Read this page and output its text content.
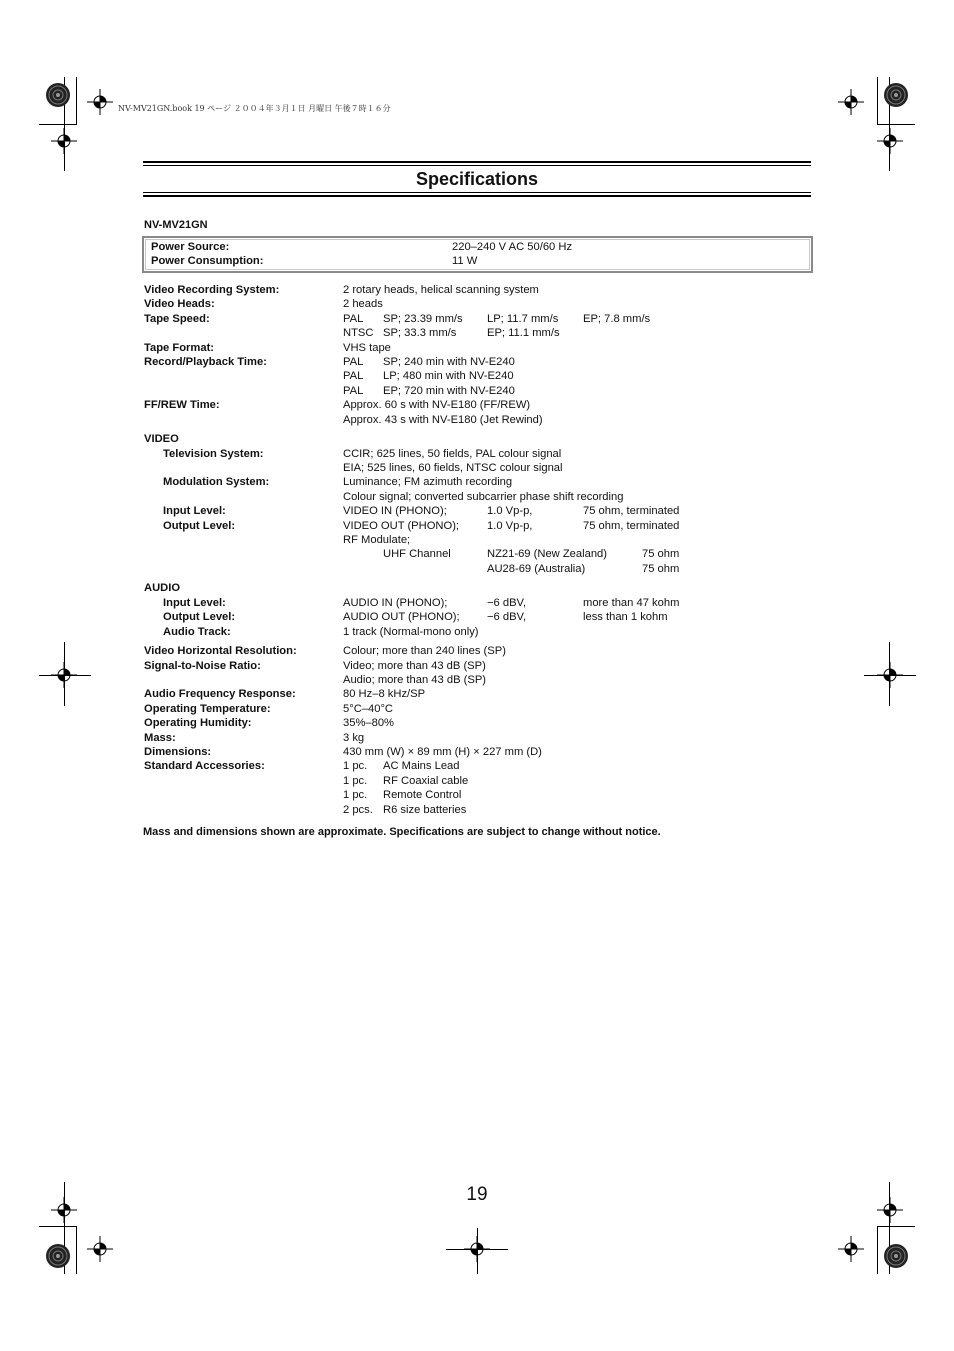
NV-MV21GN.book 19 ページ ２００４年３月１日 月曜日 午後７時１６分
Specifications
NV-MV21GN
Power Source:	220–240 V AC 50/60 Hz
Power Consumption:	11 W
Video Recording System:	2 rotary heads, helical scanning system
Video Heads:	2 heads
Tape Speed:	PAL SP; 23.39 mm/s LP; 11.7 mm/s EP; 7.8 mm/s
NTSC SP; 33.3 mm/s	EP; 11.1 mm/s
Tape Format:	VHS tape
Record/Playback Time:	PAL SP; 240 min with NV-E240
PAL LP; 480 min with NV-E240
PAL EP; 720 min with NV-E240
FF/REW Time:	Approx. 60 s with NV-E180 (FF/REW)
Approx. 43 s with NV-E180 (Jet Rewind)
VIDEO
Television System:	CCIR; 625 lines, 50 fields, PAL colour signal
EIA; 525 lines, 60 fields, NTSC colour signal
Modulation System:	Luminance; FM azimuth recording
Colour signal; converted subcarrier phase shift recording
Input Level:	VIDEO IN (PHONO);	1.0 Vp-p,	75 ohm, terminated
Output Level:	VIDEO OUT (PHONO); 1.0 Vp-p,	75 ohm, terminated
RF Modulate;
UHF Channel	NZ21-69 (New Zealand)	75 ohm
AU28-69 (Australia)	75 ohm
AUDIO
Input Level:	AUDIO IN (PHONO);	−6 dBV,	more than 47 kohm
Output Level:	AUDIO OUT (PHONO); −6 dBV,	less than 1 kohm
Audio Track:	1 track (Normal-mono only)
Video Horizontal Resolution:	Colour; more than 240 lines (SP)
Signal-to-Noise Ratio:	Video; more than 43 dB (SP)
Audio; more than 43 dB (SP)
Audio Frequency Response:	80 Hz–8 kHz/SP
Operating Temperature:	5°C–40°C
Operating Humidity:	35%–80%
Mass:	3 kg
Dimensions:	430 mm (W) × 89 mm (H) × 227 mm (D)
Standard Accessories:	1 pc. AC Mains Lead
1 pc. RF Coaxial cable
1 pc. Remote Control
2 pcs. R6 size batteries
Mass and dimensions shown are approximate. Specifications are subject to change without notice.
19
